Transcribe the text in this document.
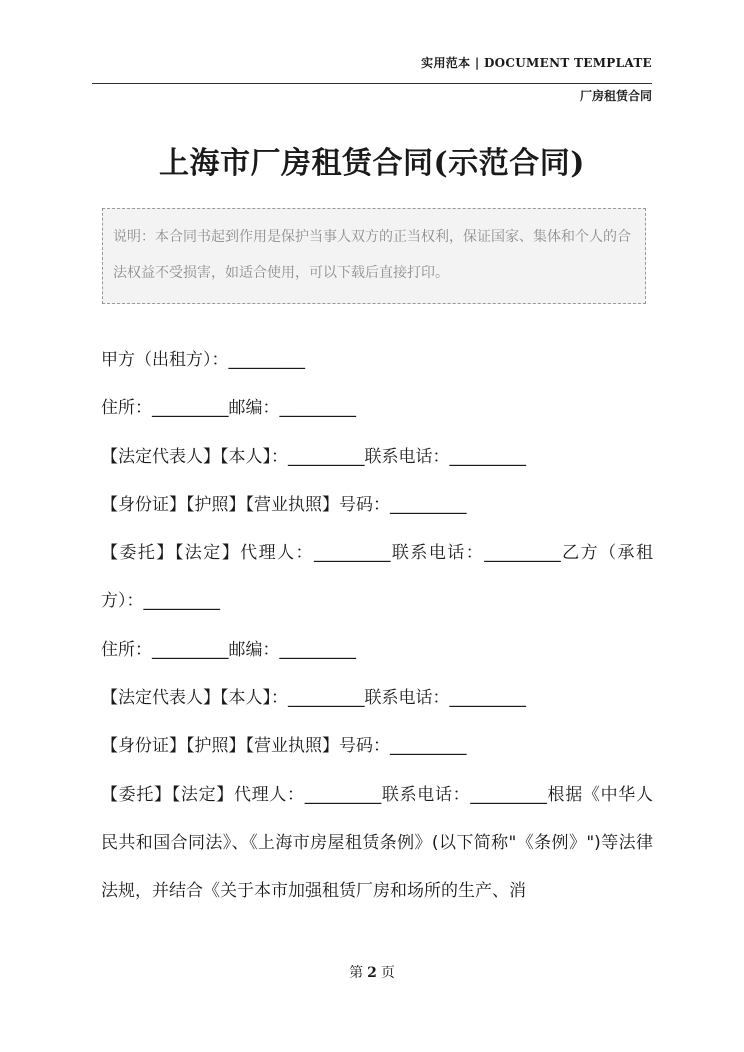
实用范本 | DOCUMENT TEMPLATE
厂房租赁合同
上海市厂房租赁合同(示范合同)
说明：本合同书起到作用是保护当事人双方的正当权利，保证国家、集体和个人的合法权益不受损害，如适合使用，可以下载后直接打印。
甲方（出租方）：_________
住所：_________邮编：_________
【法定代表人】【本人】：_________联系电话：_________
【身份证】【护照】【营业执照】号码：_________
【委托】【法定】代理人：_________联系电话：_________乙方（承租方）：_________
住所：_________邮编：_________
【法定代表人】【本人】：_________联系电话：_________
【身份证】【护照】【营业执照】号码：_________
【委托】【法定】代理人：_________联系电话：_________根据《中华人民共和国合同法》、《上海市房屋租赁条例》(以下简称"《条例》")等法律法规，并结合《关于本市加强租赁厂房和场所的生产、消
第 2 页
